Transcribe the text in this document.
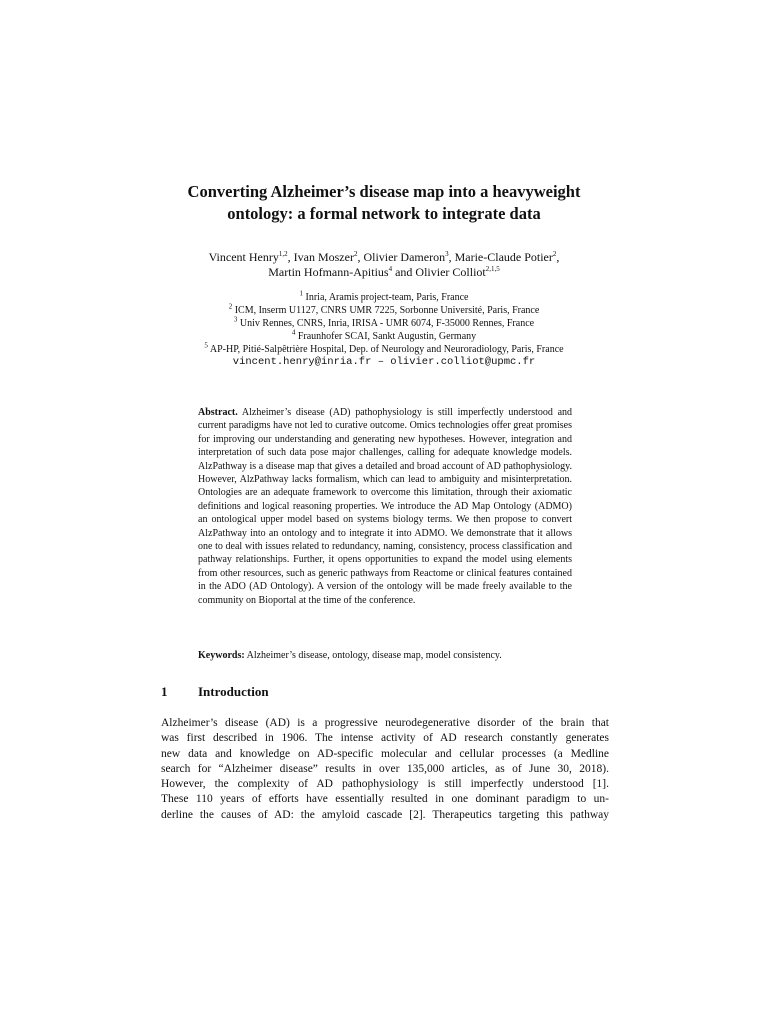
Converting Alzheimer’s disease map into a heavyweight
ontology: a formal network to integrate data
Vincent Henry$^{1,2}$, Ivan Moszer$^2$, Olivier Dameron$^3$, Marie-Claude Potier$^2$,
Martin Hofmann-Apitius$^4$ and Olivier Colliot$^{2,1,5}$
$^1$ Inria, Aramis project-team, Paris, France
$^2$ ICM, Inserm U1127, CNRS UMR 7225, Sorbonne Université, Paris, France
$^3$ Univ Rennes, CNRS, Inria, IRISA - UMR 6074, F-35000 Rennes, France
$^4$ Fraunhofer SCAI, Sankt Augustin, Germany
$^5$ AP-HP, Pitié-Salpêtrière Hospital, Dep. of Neurology and Neuroradiology, Paris, France
vincent.henry@inria.fr – olivier.colliot@upmc.fr
Abstract. Alzheimer’s disease (AD) pathophysiology is still imperfectly understood and current paradigms have not led to curative outcome. Omics technologies offer great promises for improving our understanding and generating new hypotheses. However, integration and interpretation of such data pose major challenges, calling for adequate knowledge models. AlzPathway is a disease map that gives a detailed and broad account of AD pathophysiology. However, AlzPathway lacks formalism, which can lead to ambiguity and misinterpretation. Ontologies are an adequate framework to overcome this limitation, through their axiomatic definitions and logical reasoning properties. We introduce the AD Map Ontology (ADMO) an ontological upper model based on systems biology terms. We then propose to convert AlzPathway into an ontology and to integrate it into ADMO. We demonstrate that it allows one to deal with issues related to redundancy, naming, consistency, process classification and pathway relationships. Further, it opens opportunities to expand the model using elements from other resources, such as generic pathways from Reactome or clinical features contained in the ADO (AD Ontology). A version of the ontology will be made freely available to the community on Bioportal at the time of the conference.
Keywords: Alzheimer’s disease, ontology, disease map, model consistency.
1 Introduction
Alzheimer’s disease (AD) is a progressive neurodegenerative disorder of the brain that
was first described in 1906. The intense activity of AD research constantly generates
new data and knowledge on AD-specific molecular and cellular processes (a Medline
search for “Alzheimer disease” results in over 135,000 articles, as of June 30, 2018).
However, the complexity of AD pathophysiology is still imperfectly understood [1].
These 110 years of efforts have essentially resulted in one dominant paradigm to un-
derline the causes of AD: the amyloid cascade [2]. Therapeutics targeting this pathway
